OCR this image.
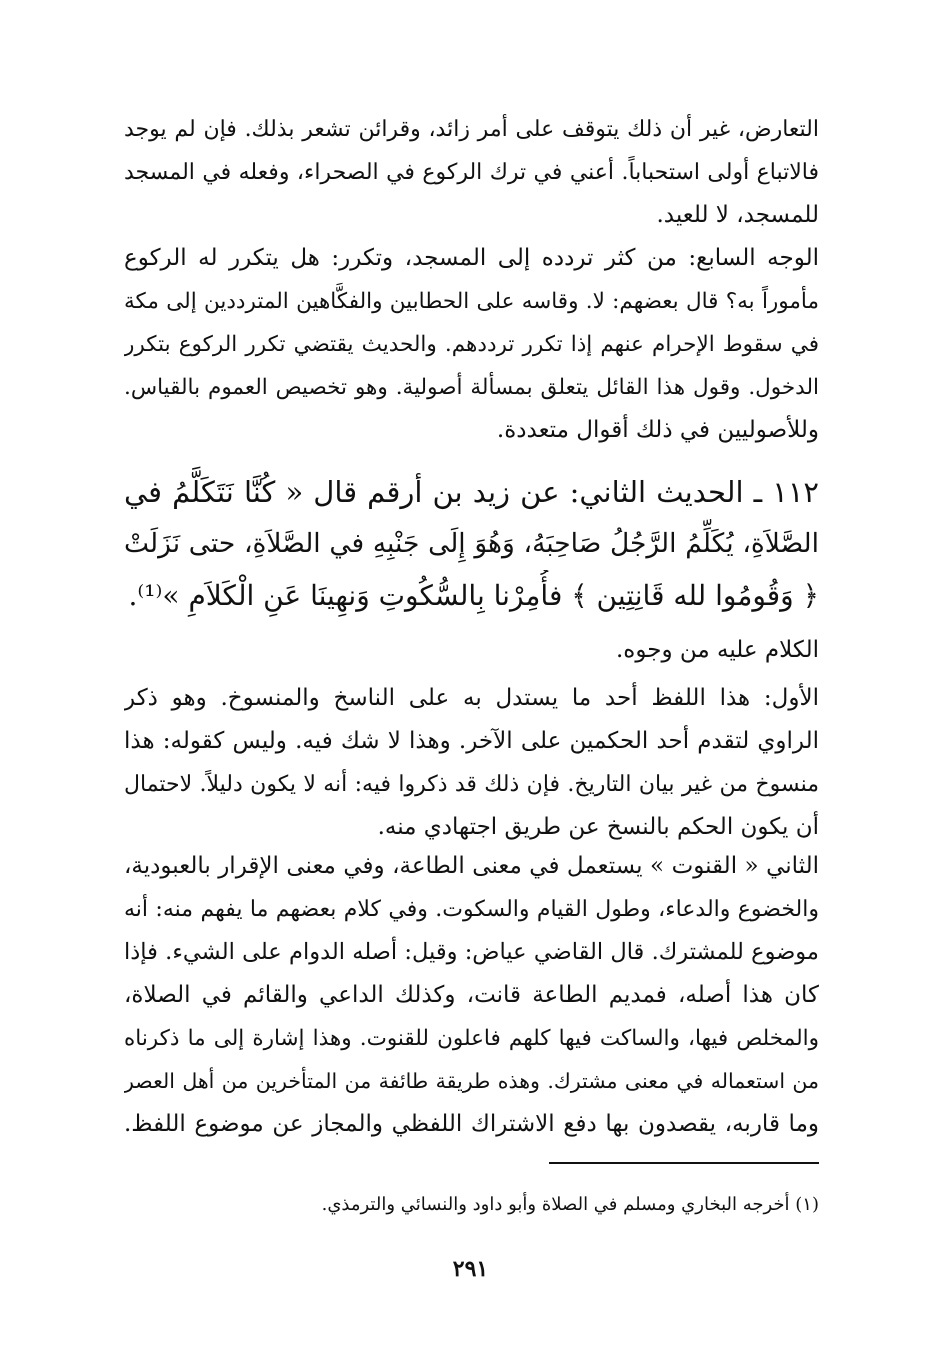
التعارض، غير أن ذلك يتوقف على أمر زائد، وقرائن تشعر بذلك. فإن لم يوجد
فالاتباع أولى استحباباً. أعني في ترك الركوع في الصحراء، وفعله في المسجد
للمسجد، لا للعيد.
الوجه السابع: من كثر تردده إلى المسجد، وتكرر: هل يتكرر له الركوع
مأموراً به؟ قال بعضهم: لا. وقاسه على الحطابين والفكَّاهين المترددين إلى مكة
في سقوط الإحرام عنهم إذا تكرر ترددهم. والحديث يقتضي تكرر الركوع بتكرر
الدخول. وقول هذا القائل يتعلق بمسألة أصولية. وهو تخصيص العموم بالقياس.
وللأصوليين في ذلك أقوال متعددة.
١١٢ ـ الحديث الثاني: عن زيد بن أرقم قال « كُنَّا نَتَكَلَّمُ في
الصَّلاَةِ، يُكَلِّمُ الرَّجُلُ صَاحِبَهُ، وَهُوَ إِلَى جَنْبِهِ في الصَّلاَةِ، حتى نَزَلَتْ
﴿ وَقُومُوا لله قَانِتِين ﴾ فأُمِرْنا بِالسُّكُوتِ وَنهِينَا عَنِ الْكَلاَمِ »⁽¹⁾.
الكلام عليه من وجوه.
الأول: هذا اللفظ أحد ما يستدل به على الناسخ والمنسوخ. وهو ذكر
الراوي لتقدم أحد الحكمين على الآخر. وهذا لا شك فيه. وليس كقوله: هذا
منسوخ من غير بيان التاريخ. فإن ذلك قد ذكروا فيه: أنه لا يكون دليلاً. لاحتمال
أن يكون الحكم بالنسخ عن طريق اجتهادي منه.
الثاني « القنوت » يستعمل في معنى الطاعة، وفي معنى الإقرار بالعبودية،
والخضوع والدعاء، وطول القيام والسكوت. وفي كلام بعضهم ما يفهم منه: أنه
موضوع للمشترك. قال القاضي عياض: وقيل: أصله الدوام على الشيء. فإذا
كان هذا أصله، فمديم الطاعة قانت، وكذلك الداعي والقائم في الصلاة،
والمخلص فيها، والساكت فيها كلهم فاعلون للقنوت. وهذا إشارة إلى ما ذكرناه
من استعماله في معنى مشترك. وهذه طريقة طائفة من المتأخرين من أهل العصر
وما قاربه، يقصدون بها دفع الاشتراك اللفظي والمجاز عن موضوع اللفظ.
(١) أخرجه البخاري ومسلم في الصلاة وأبو داود والنسائي والترمذي.
٢٩١
